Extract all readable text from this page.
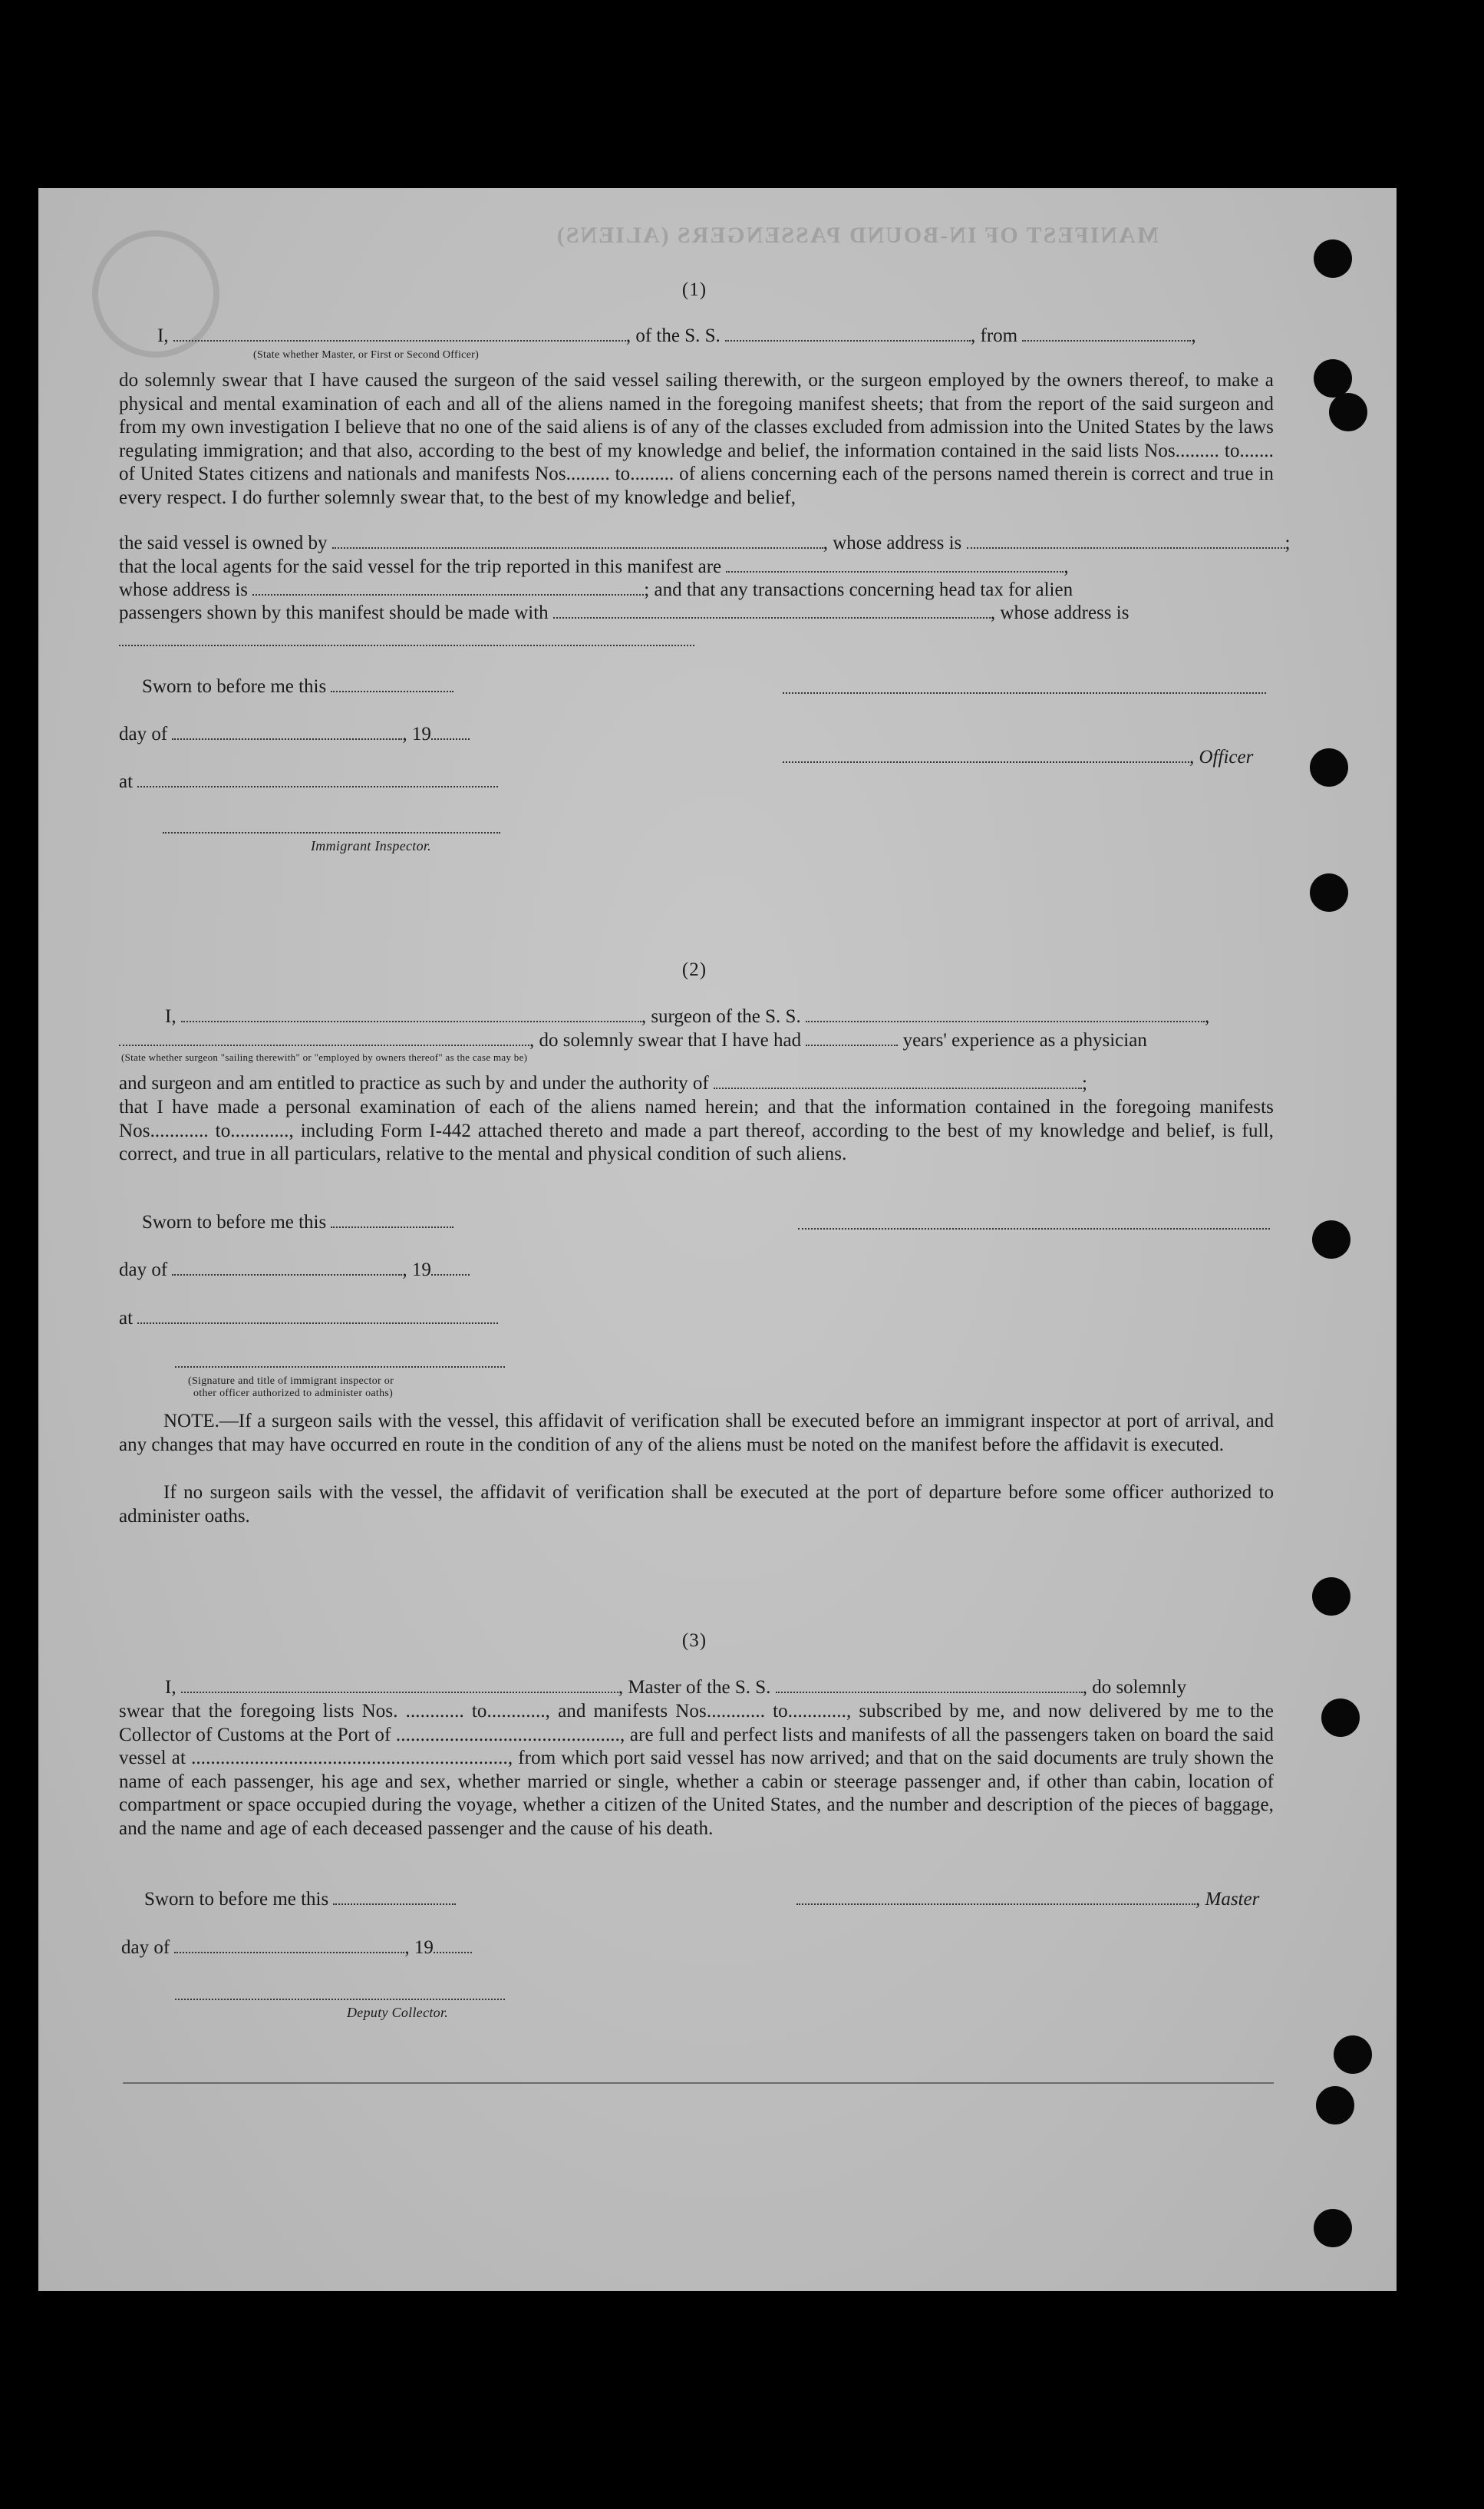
MANIFEST OF IN-BOUND PASSENGERS (ALIENS)
(1)
I,	, of the S. S.	, from	,
(State whether Master, or First or Second Officer)
do solemnly swear that I have caused the surgeon of the said vessel sailing therewith, or the surgeon employed by the owners thereof, to make a physical and mental examination of each and all of the aliens named in the foregoing manifest sheets; that from the report of the said surgeon and from my own investigation I believe that no one of the said aliens is of any of the classes excluded from admission into the United States by the laws regulating immigration; and that also, according to the best of my knowledge and belief, the information contained in the said lists Nos......... to....... of United States citizens and nationals and manifests Nos......... to......... of aliens concerning each of the persons named therein is correct and true in every respect. I do further solemnly swear that, to the best of my knowledge and belief,
the said vessel is owned by	, whose address is	;
that the local agents for the said vessel for the trip reported in this manifest are	,
whose address is	; and that any transactions concerning head tax for alien
passengers shown by this manifest should be made with	, whose address is
Sworn to before me this
day of	, 19
, Officer
at
Immigrant Inspector.
(2)
I,	, surgeon of the S. S.	,
, do solemnly swear that I have had	years' experience as a physician
(State whether surgeon "sailing therewith" or "employed by owners thereof" as the case may be)
and surgeon and am entitled to practice as such by and under the authority of	;
that I have made a personal examination of each of the aliens named herein; and that the information contained in the foregoing manifests Nos............ to............, including Form I-442 attached thereto and made a part thereof, according to the best of my knowledge and belief, is full, correct, and true in all particulars, relative to the mental and physical condition of such aliens.
Sworn to before me this
day of	, 19
at
(Signature and title of immigrant inspector or
other officer authorized to administer oaths)
NOTE.—If a surgeon sails with the vessel, this affidavit of verification shall be executed before an immigrant inspector at port of arrival, and any changes that may have occurred en route in the condition of any of the aliens must be noted on the manifest before the affidavit is executed.
If no surgeon sails with the vessel, the affidavit of verification shall be executed at the port of departure before some officer authorized to administer oaths.
(3)
I,	, Master of the S. S.	, do solemnly
swear that the foregoing lists Nos. ............ to............, and manifests Nos............ to............, subscribed by me, and now delivered by me to the Collector of Customs at the Port of .............................................., are full and perfect lists and manifests of all the passengers taken on board the said vessel at ................................................................., from which port said vessel has now arrived; and that on the said documents are truly shown the name of each passenger, his age and sex, whether married or single, whether a cabin or steerage passenger and, if other than cabin, location of compartment or space occupied during the voyage, whether a citizen of the United States, and the number and description of the pieces of baggage, and the name and age of each deceased passenger and the cause of his death.
Sworn to before me this	, Master
day of	, 19
Deputy Collector.
